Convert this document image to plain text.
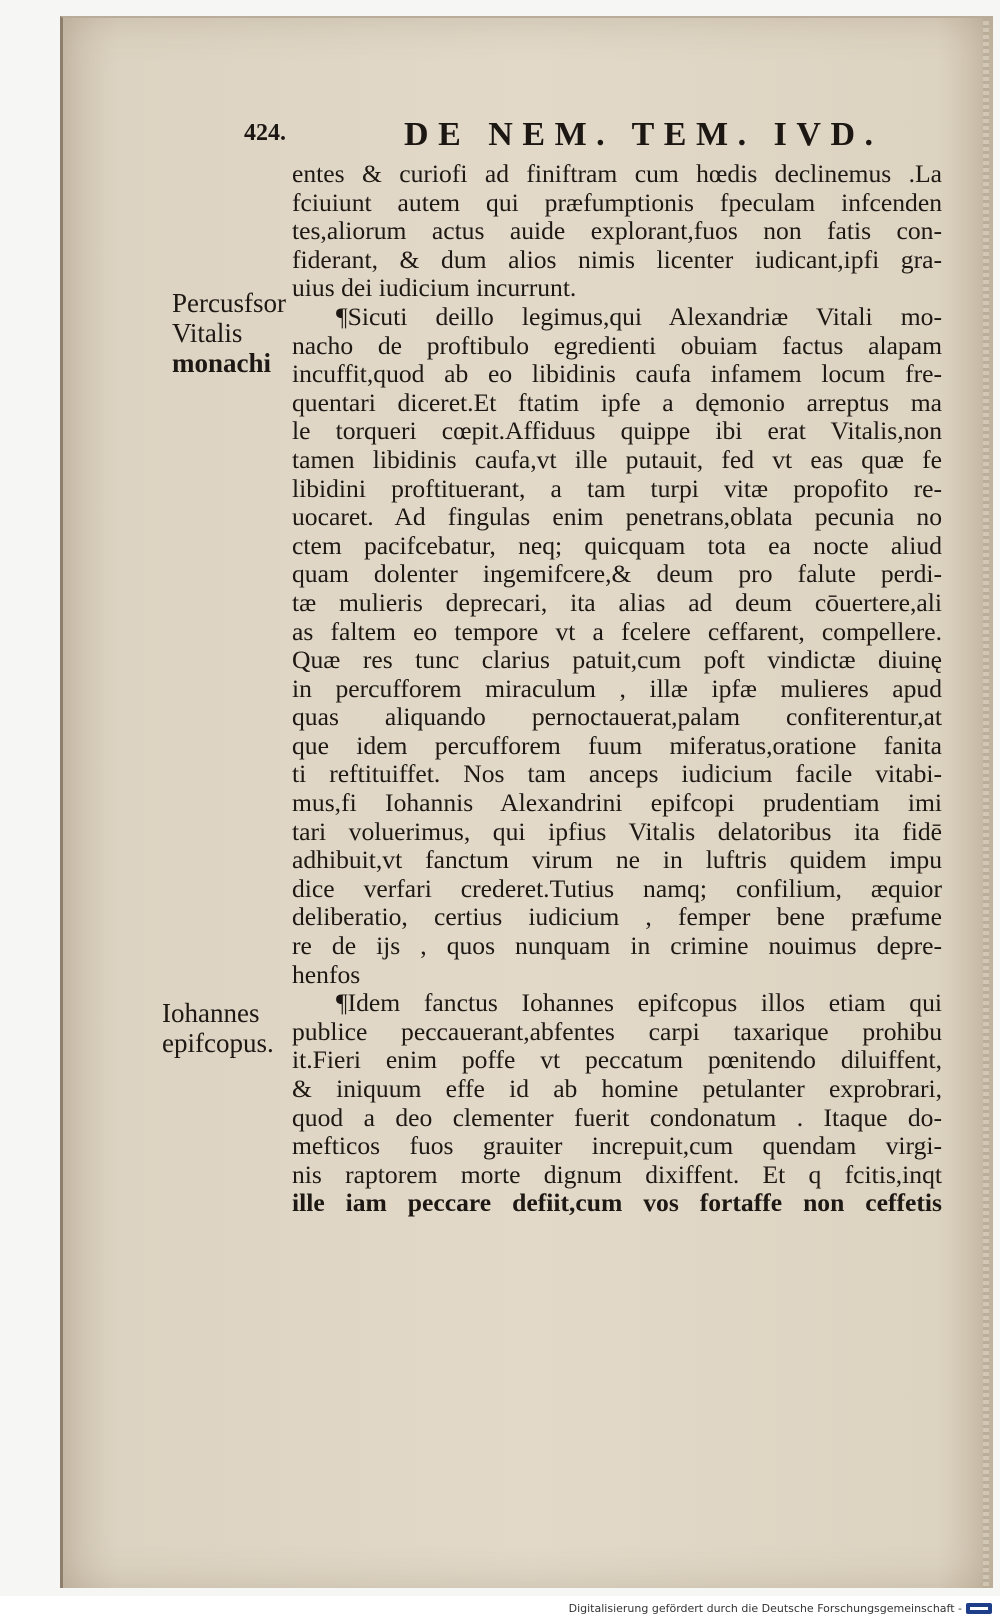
424.	DE NEM. TEM. IVD.
Percusfsor
Vitalis
monachi
Iohannes
epifcopus.
entes & curiofi ad finiftram cum hœdis declinemus .La
fciuiunt autem qui præfumptionis fpeculam infcenden
tes,aliorum actus auide explorant,fuos non fatis con-
fiderant, & dum alios nimis licenter iudicant,ipfi gra-
uius dei iudicium incurrunt.
¶Sicuti deillo legimus,qui Alexandriæ Vitali mo-
nacho de proftibulo egredienti obuiam factus alapam
incuffit,quod ab eo libidinis caufa infamem locum fre-
quentari diceret.Et ftatim ipfe a dęmonio arreptus ma
le torqueri cœpit.Affiduus quippe ibi erat Vitalis,non
tamen libidinis caufa,vt ille putauit, fed vt eas quæ fe
libidini proftituerant, a tam turpi vitæ propofito re-
uocaret. Ad fingulas enim penetrans,oblata pecunia no
ctem pacifcebatur, neq; quicquam tota ea nocte aliud
quam dolenter ingemifcere,& deum pro falute perdi-
tæ mulieris deprecari, ita alias ad deum cōuertere,ali
as faltem eo tempore vt a fcelere ceffarent, compellere.
Quæ res tunc clarius patuit,cum poft vindictæ diuinę
in percufforem miraculum , illæ ipfæ mulieres apud
quas aliquando pernoctauerat,palam confiterentur,at
que idem percufforem fuum miferatus,oratione fanita
ti reftituiffet. Nos tam anceps iudicium facile vitabi-
mus,fi Iohannis Alexandrini epifcopi prudentiam imi
tari voluerimus, qui ipfius Vitalis delatoribus ita fidē
adhibuit,vt fanctum virum ne in luftris quidem impu
dice verfari crederet.Tutius namq; confilium, æquior
deliberatio, certius iudicium , femper bene præfume
re de ijs , quos nunquam in crimine nouimus depre-
henfos
¶Idem fanctus Iohannes epifcopus illos etiam qui
publice peccauerant,abfentes carpi taxarique prohibu
it.Fieri enim poffe vt peccatum pœnitendo diluiffent,
& iniquum effe id ab homine petulanter exprobrari,
quod a deo clementer fuerit condonatum . Itaque do-
mefticos fuos grauiter increpuit,cum quendam virgi-
nis raptorem morte dignum dixiffent. Et q fcitis,inqt
ille iam peccare defiit,cum vos fortaffe non ceffetis
Digitalisierung gefördert durch die Deutsche Forschungsgemeinschaft -
